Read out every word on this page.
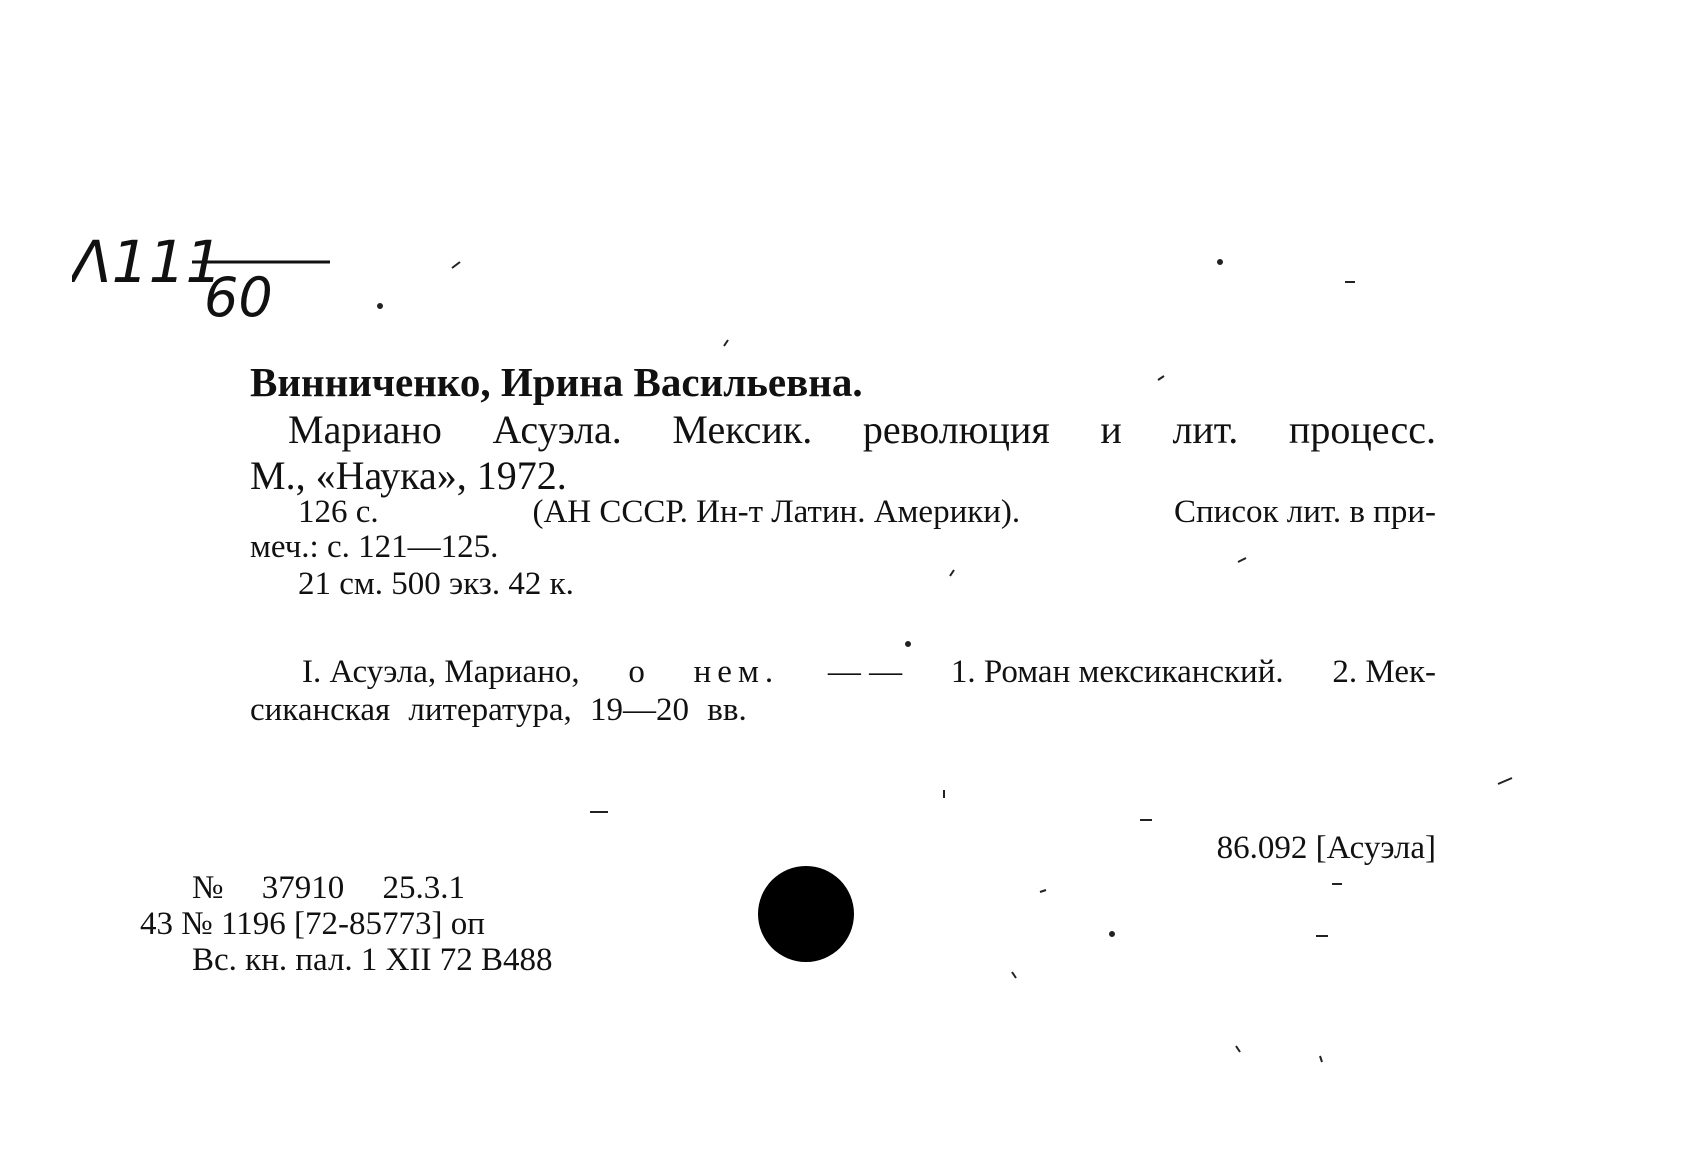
Λ111
60
Винниченко, Ирина Васильевна.
Мариано Асуэла. Мексик. революция и лит. процесс.
М., «Наука», 1972.
126 с.	(АН СССР. Ин-т Латин. Америки).	Список лит. в при-
меч.: с. 121—125.
21 см. 500 экз. 42 к.
I. Асуэла, Мариано, о нем. — — 1. Роман мексиканский. 2. Мек-
сиканская литература, 19—20 вв.
86.092 [Асуэла]
№ 37910 25.3.1
43 № 1196 [72-85773] оп
Вс. кн. пал. 1 XII 72 B488
